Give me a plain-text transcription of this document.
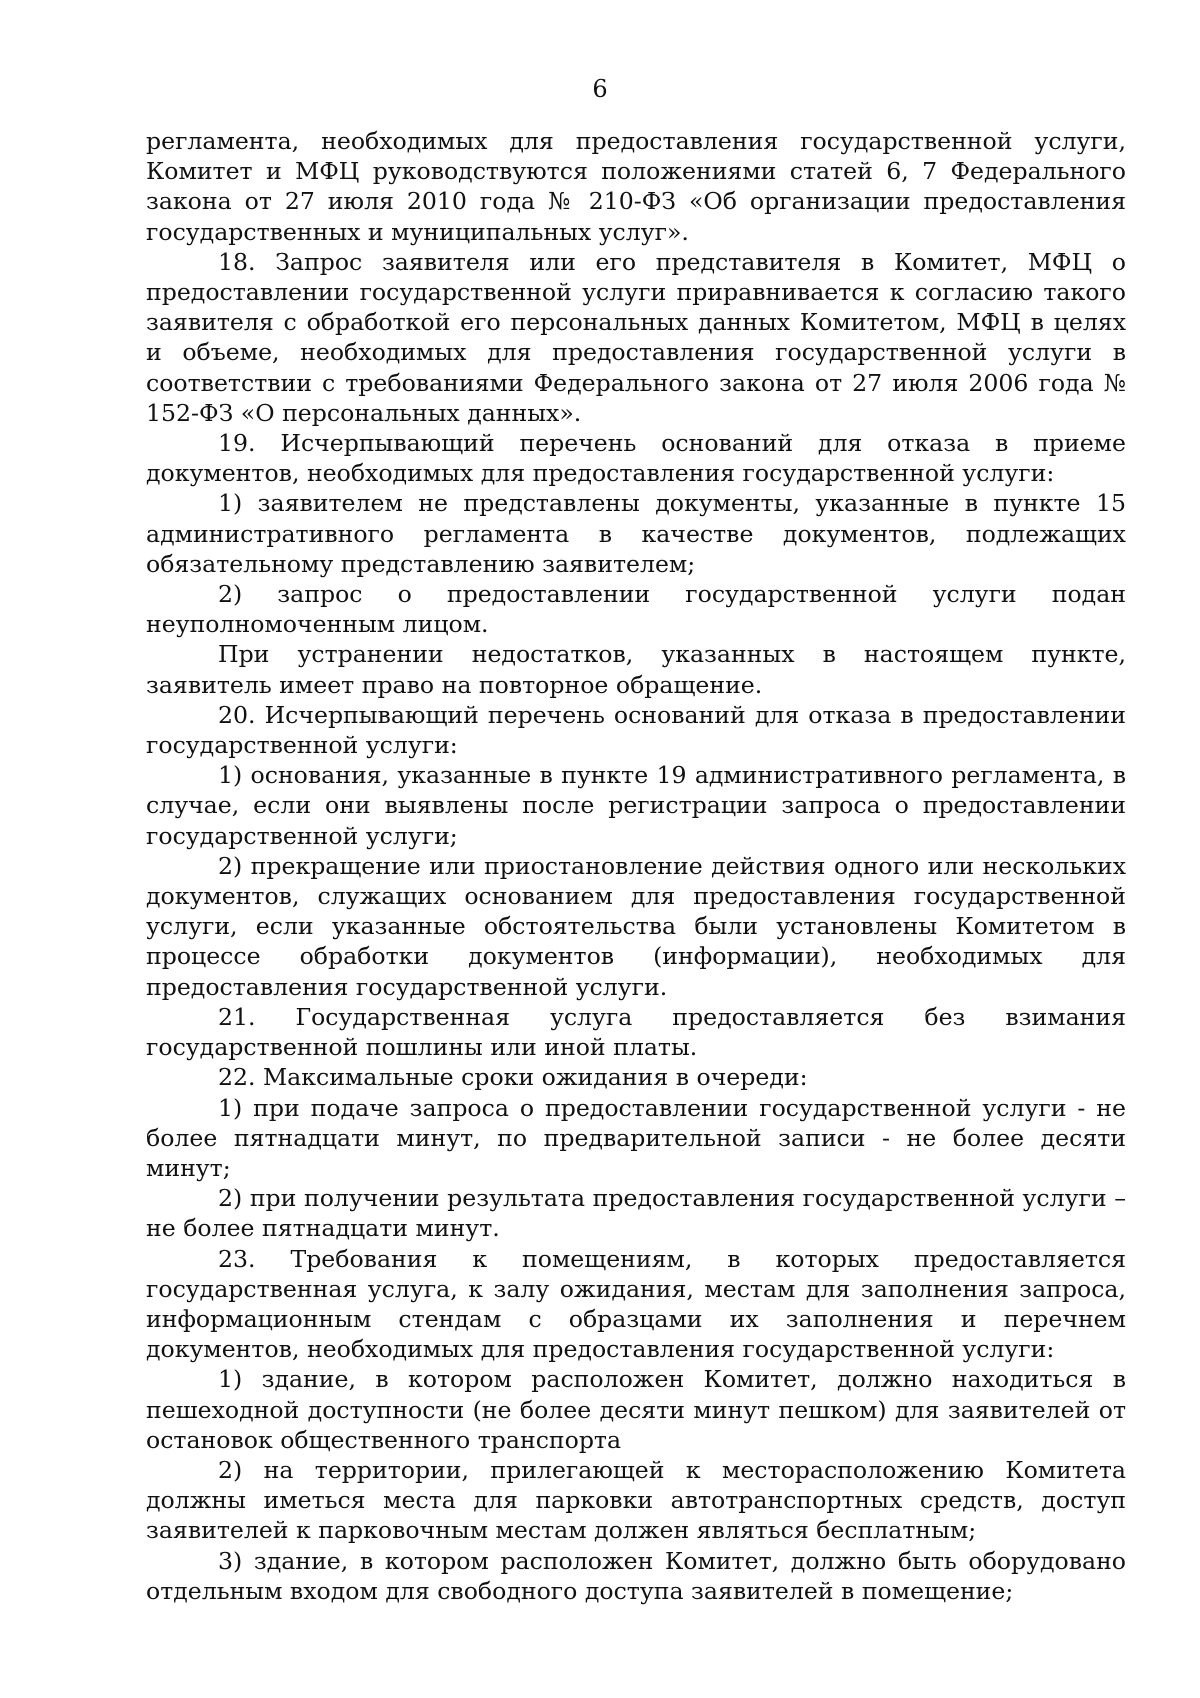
6

регламента, необходимых для предоставления государственной услуги, Комитет и МФЦ руководствуются положениями статей 6, 7 Федерального закона от 27 июля 2010 года № 210-ФЗ «Об организации предоставления государственных и муниципальных услуг».

18. Запрос заявителя или его представителя в Комитет, МФЦ о предоставлении государственной услуги приравнивается к согласию такого заявителя с обработкой его персональных данных Комитетом, МФЦ в целях и объеме, необходимых для предоставления государственной услуги в соответствии с требованиями Федерального закона от 27 июля 2006 года № 152-ФЗ «О персональных данных».

19. Исчерпывающий перечень оснований для отказа в приеме документов, необходимых для предоставления государственной услуги:

1) заявителем не представлены документы, указанные в пункте 15 административного регламента в качестве документов, подлежащих обязательному представлению заявителем;

2) запрос о предоставлении государственной услуги подан неуполномоченным лицом.

При устранении недостатков, указанных в настоящем пункте, заявитель имеет право на повторное обращение.

20. Исчерпывающий перечень оснований для отказа в предоставлении государственной услуги:

1) основания, указанные в пункте 19 административного регламента, в случае, если они выявлены после регистрации запроса о предоставлении государственной услуги;

2) прекращение или приостановление действия одного или нескольких документов, служащих основанием для предоставления государственной услуги, если указанные обстоятельства были установлены Комитетом в процессе обработки документов (информации), необходимых для предоставления государственной услуги.

21. Государственная услуга предоставляется без взимания государственной пошлины или иной платы.

22. Максимальные сроки ожидания в очереди:

1) при подаче запроса о предоставлении государственной услуги - не более пятнадцати минут, по предварительной записи - не более десяти минут;

2) при получении результата предоставления государственной услуги – не более пятнадцати минут.

23. Требования к помещениям, в которых предоставляется государственная услуга, к залу ожидания, местам для заполнения запроса, информационным стендам с образцами их заполнения и перечнем документов, необходимых для предоставления государственной услуги:

1) здание, в котором расположен Комитет, должно находиться в пешеходной доступности (не более десяти минут пешком) для заявителей от остановок общественного транспорта

2) на территории, прилегающей к месторасположению Комитета должны иметься места для парковки автотранспортных средств, доступ заявителей к парковочным местам должен являться бесплатным;

3) здание, в котором расположен Комитет, должно быть оборудовано отдельным входом для свободного доступа заявителей в помещение;
